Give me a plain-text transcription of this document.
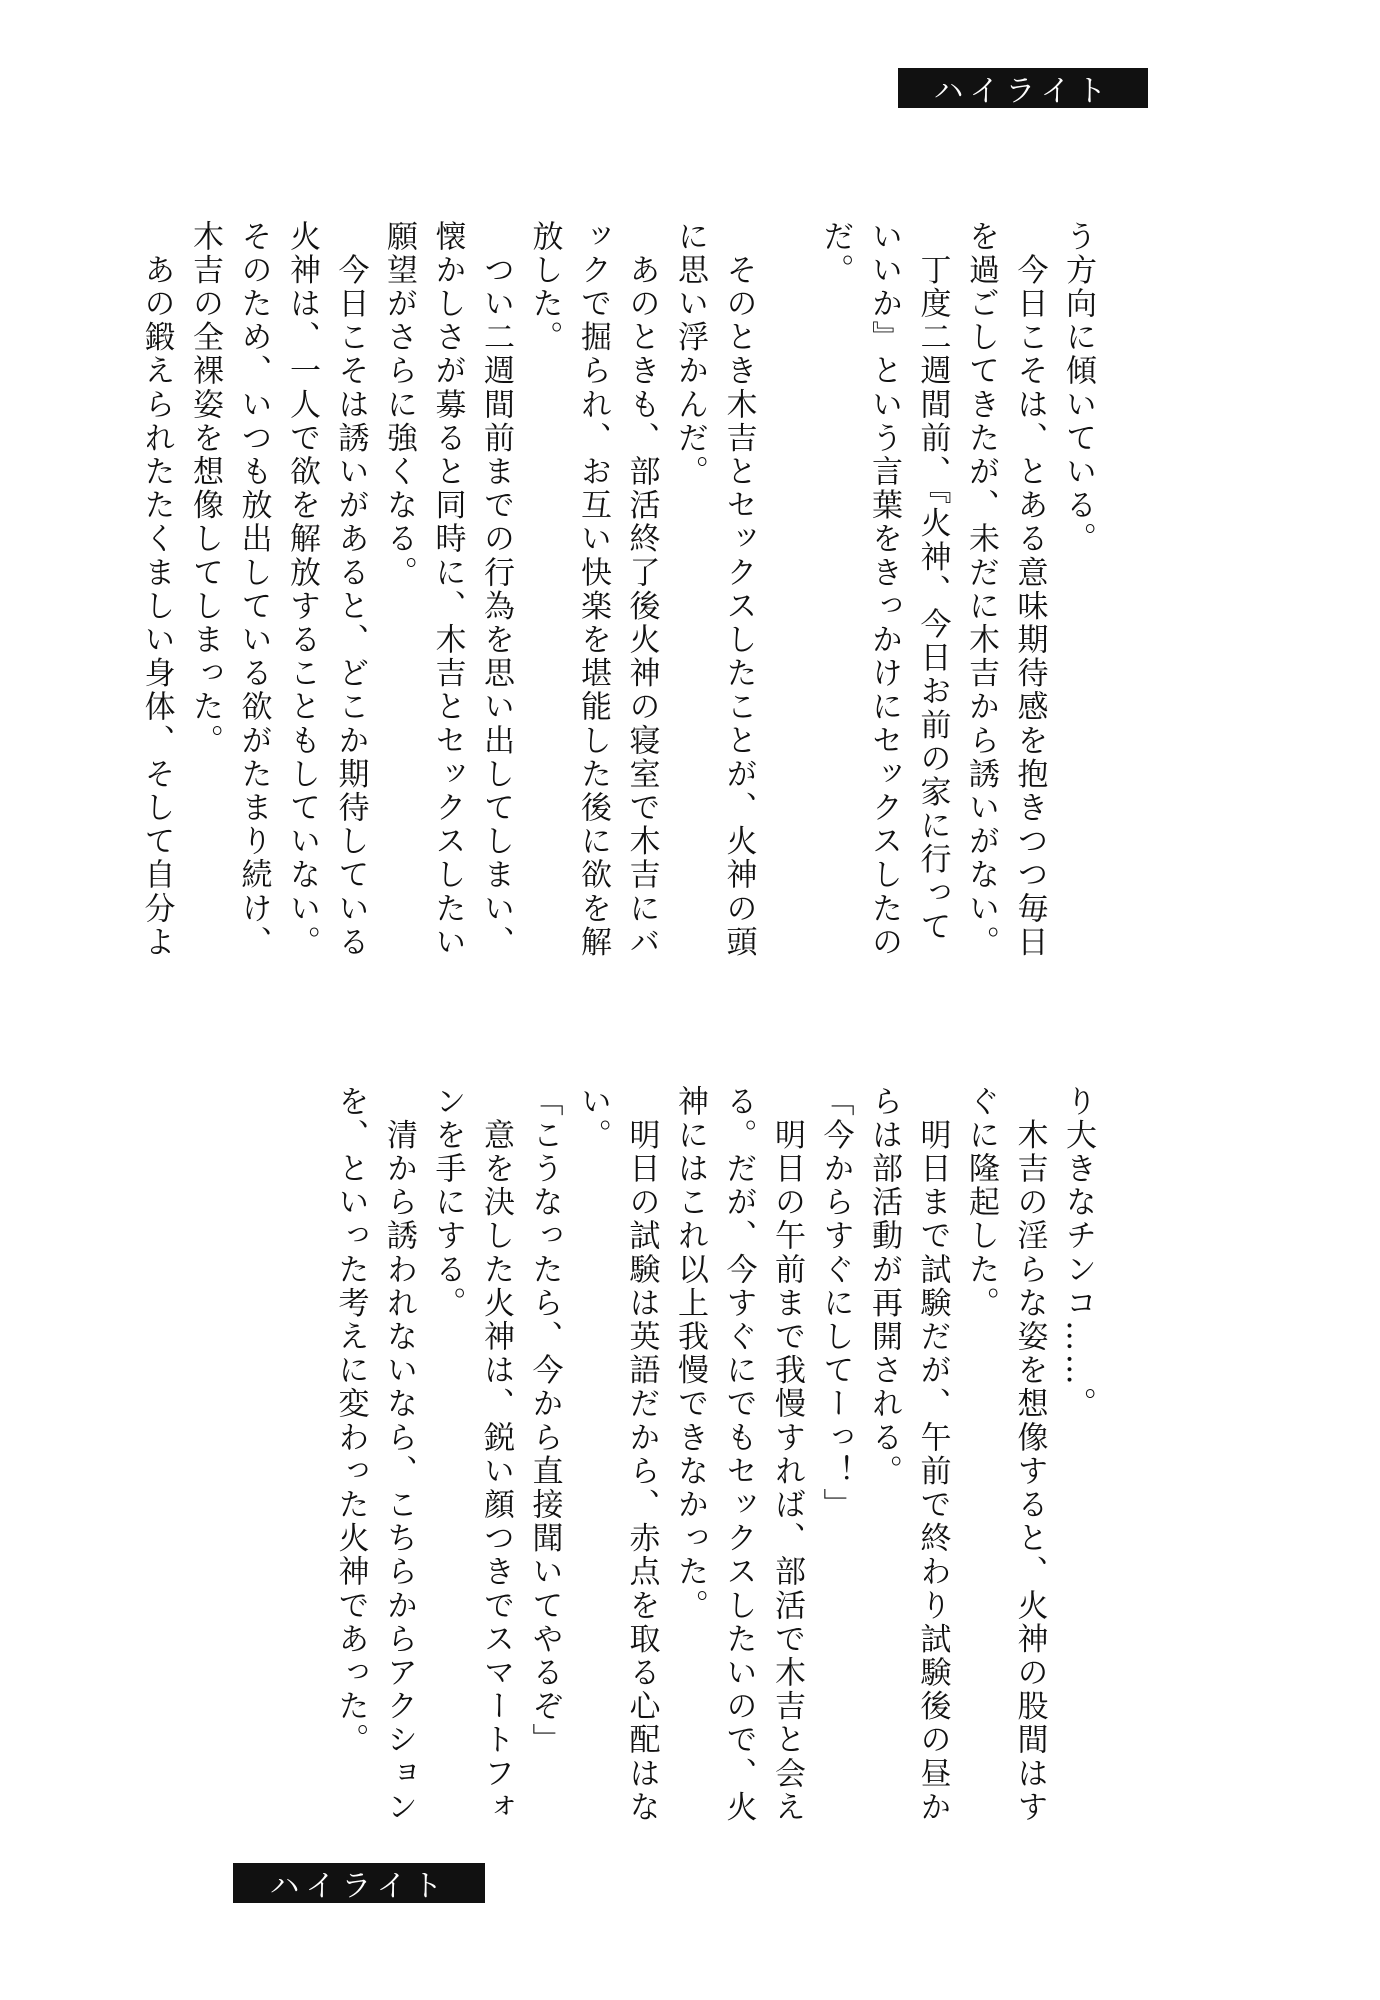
ハイライト
う方向に傾いている。
　今日こそは、とある意味期待感を抱きつつ毎日
を過ごしてきたが、未だに木吉から誘いがない。
　丁度二週間前、『火神、今日お前の家に行って
いいか』という言葉をきっかけにセックスしたの
だ。

　そのとき木吉とセックスしたことが、火神の頭
に思い浮かんだ。
　あのときも、部活終了後火神の寝室で木吉にバ
ックで掘られ、お互い快楽を堪能した後に欲を解
放した。
　つい二週間前までの行為を思い出してしまい、
懐かしさが募ると同時に、木吉とセックスしたい
願望がさらに強くなる。
　今日こそは誘いがあると、どこか期待している
火神は、一人で欲を解放することもしていない。
そのため、いつも放出している欲がたまり続け、
木吉の全裸姿を想像してしまった。
　あの鍛えられたたくましい身体、そして自分よ
り大きなチンコ……。
　木吉の淫らな姿を想像すると、火神の股間はす
ぐに隆起した。
　明日まで試験だが、午前で終わり試験後の昼か
らは部活動が再開される。
「今からすぐにしてーっ！」
　明日の午前まで我慢すれば、部活で木吉と会え
る。だが、今すぐにでもセックスしたいので、火
神にはこれ以上我慢できなかった。
　明日の試験は英語だから、赤点を取る心配はな
い。
「こうなったら、今から直接聞いてやるぞ」
　意を決した火神は、鋭い顔つきでスマートフォ
ンを手にする。
　清から誘われないなら、こちらからアクション
を、といった考えに変わった火神であった。
ハイライト
